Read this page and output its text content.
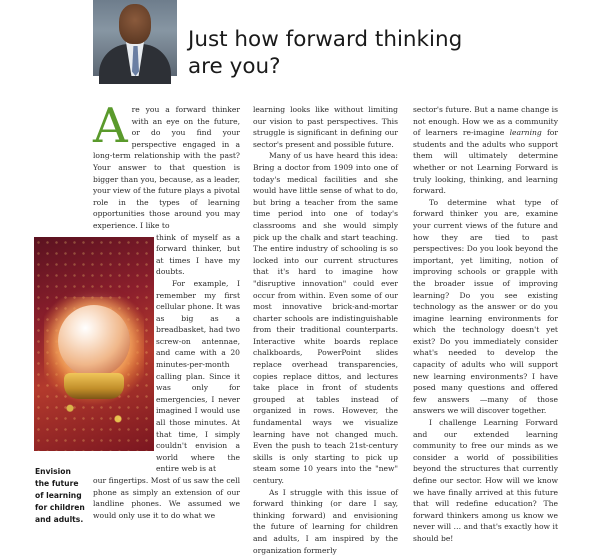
Just how forward thinking
are you?
Envision the future of learning for children and adults.

Are you a forward thinker with an eye on the future, or do you find your perspective engaged in a long-term relationship with the past? Your answer to that question is bigger than you, because, as a leader, your view of the future plays a pivotal role in the types of learning opportunities those around you may experience. I like to

think of myself as a forward thinker, but at times I have my doubts.

For example, I remember my first cellular phone. It was as big as a breadbasket, had two screw-on antennae, and came with a 20 minutes-per-month calling plan. Since it was only for emergencies, I never imagined I would use all those minutes. At that time, I simply couldn't envision a world where the entire web is at

our fingertips. Most of us saw the cell phone as simply an extension of our landline phones. We assumed we would only use it to do what we

learning looks like without limiting our vision to past perspectives. This struggle is significant in defining our sector's present and possible future.

Many of us have heard this idea: Bring a doctor from 1909 into one of today's medical facilities and she would have little sense of what to do, but bring a teacher from the same time period into one of today's classrooms and she would simply pick up the chalk and start teaching. The entire industry of schooling is so locked into our current structures that it's hard to imagine how "disruptive innovation" could ever occur from within. Even some of our most innovative brick-and-mortar charter schools are indistinguishable from their traditional counterparts. Interactive white boards replace chalkboards, PowerPoint slides replace overhead transparencies, copies replace dittos, and lectures take place in front of students grouped at tables instead of organized in rows. However, the fundamental ways we visualize learning have not changed much. Even the push to teach 21st-century skills is only starting to pick up steam some 10 years into the "new" century.

As I struggle with this issue of forward thinking (or dare I say, thinking forward) and envisioning the future of learning for children and adults, I am inspired by the organization formerly

sector's future. But a name change is not enough. How we as a community of learners re-imagine learning for students and the adults who support them will ultimately determine whether or not Learning Forward is truly looking, thinking, and learning forward.

To determine what type of forward thinker you are, examine your current views of the future and how they are tied to past perspectives: Do you look beyond the important, yet limiting, notion of improving schools or grapple with the broader issue of improving learning? Do you see existing technology as the answer or do you imagine learning environments for which the technology doesn't yet exist? Do you immediately consider what's needed to develop the capacity of adults who will support new learning environments? I have posed many questions and offered few answers —many of those answers we will discover together.

I challenge Learning Forward and our extended learning community to free our minds as we consider a world of possibilities beyond the structures that currently define our sector. How will we know we have finally arrived at this future that will redefine education? The forward thinkers among us know we never will … and that's exactly how it should be!
